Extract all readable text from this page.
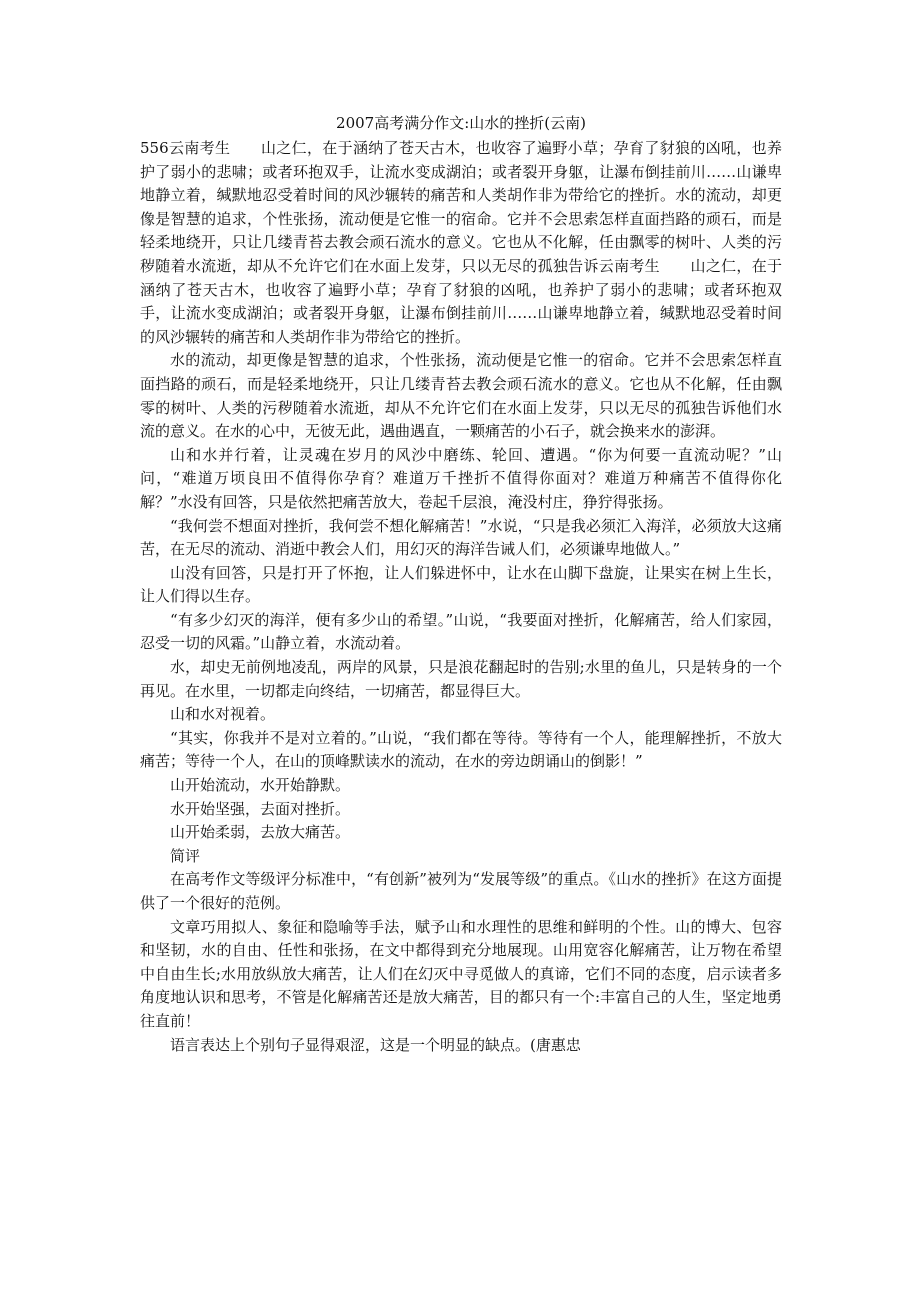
2007高考满分作文:山水的挫折(云南)

556云南考生　　山之仁，在于涵纳了苍天古木，也收容了遍野小草；孕育了豺狼的凶吼，也养护了弱小的悲啸；或者环抱双手，让流水变成湖泊；或者裂开身躯，让瀑布倒挂前川……山谦卑地静立着，缄默地忍受着时间的风沙辗转的痛苦和人类胡作非为带给它的挫折。水的流动，却更像是智慧的追求，个性张扬，流动便是它惟一的宿命。它并不会思索怎样直面挡路的顽石，而是轻柔地绕开，只让几缕青苔去教会顽石流水的意义。它也从不化解，任由飘零的树叶、人类的污秽随着水流逝，却从不允许它们在水面上发芽，只以无尽的孤独告诉云南考生　　山之仁，在于涵纳了苍天古木，也收容了遍野小草；孕育了豺狼的凶吼，也养护了弱小的悲啸；或者环抱双手，让流水变成湖泊；或者裂开身躯，让瀑布倒挂前川……山谦卑地静立着，缄默地忍受着时间的风沙辗转的痛苦和人类胡作非为带给它的挫折。

水的流动，却更像是智慧的追求，个性张扬，流动便是它惟一的宿命。它并不会思索怎样直面挡路的顽石，而是轻柔地绕开，只让几缕青苔去教会顽石流水的意义。它也从不化解，任由飘零的树叶、人类的污秽随着水流逝，却从不允许它们在水面上发芽，只以无尽的孤独告诉他们水流的意义。在水的心中，无彼无此，遇曲遇直，一颗痛苦的小石子，就会换来水的澎湃。

山和水并行着，让灵魂在岁月的风沙中磨练、轮回、遭遇。“你为何要一直流动呢？”山问，“难道万顷良田不值得你孕育？难道万千挫折不值得你面对？难道万种痛苦不值得你化解？”水没有回答，只是依然把痛苦放大，卷起千层浪，淹没村庄，狰狞得张扬。

“我何尝不想面对挫折，我何尝不想化解痛苦！”水说，“只是我必须汇入海洋，必须放大这痛苦，在无尽的流动、消逝中教会人们，用幻灭的海洋告诫人们，必须谦卑地做人。”

山没有回答，只是打开了怀抱，让人们躲进怀中，让水在山脚下盘旋，让果实在树上生长，让人们得以生存。

“有多少幻灭的海洋，便有多少山的希望。”山说，“我要面对挫折，化解痛苦，给人们家园，忍受一切的风霜。”山静立着，水流动着。

水，却史无前例地凌乱，两岸的风景，只是浪花翻起时的告别;水里的鱼儿，只是转身的一个再见。在水里，一切都走向终结，一切痛苦，都显得巨大。

山和水对视着。

“其实，你我并不是对立着的。”山说，“我们都在等待。等待有一个人，能理解挫折，不放大痛苦；等待一个人，在山的顶峰默读水的流动，在水的旁边朗诵山的倒影！”

山开始流动，水开始静默。

水开始坚强，去面对挫折。

山开始柔弱，去放大痛苦。

简评

在高考作文等级评分标准中，“有创新”被列为“发展等级”的重点。《山水的挫折》在这方面提供了一个很好的范例。

文章巧用拟人、象征和隐喻等手法，赋予山和水理性的思维和鲜明的个性。山的博大、包容和坚韧，水的自由、任性和张扬，在文中都得到充分地展现。山用宽容化解痛苦，让万物在希望中自由生长;水用放纵放大痛苦，让人们在幻灭中寻觅做人的真谛，它们不同的态度，启示读者多角度地认识和思考，不管是化解痛苦还是放大痛苦，目的都只有一个:丰富自己的人生，坚定地勇往直前！

语言表达上个别句子显得艰涩，这是一个明显的缺点。(唐惠忠
